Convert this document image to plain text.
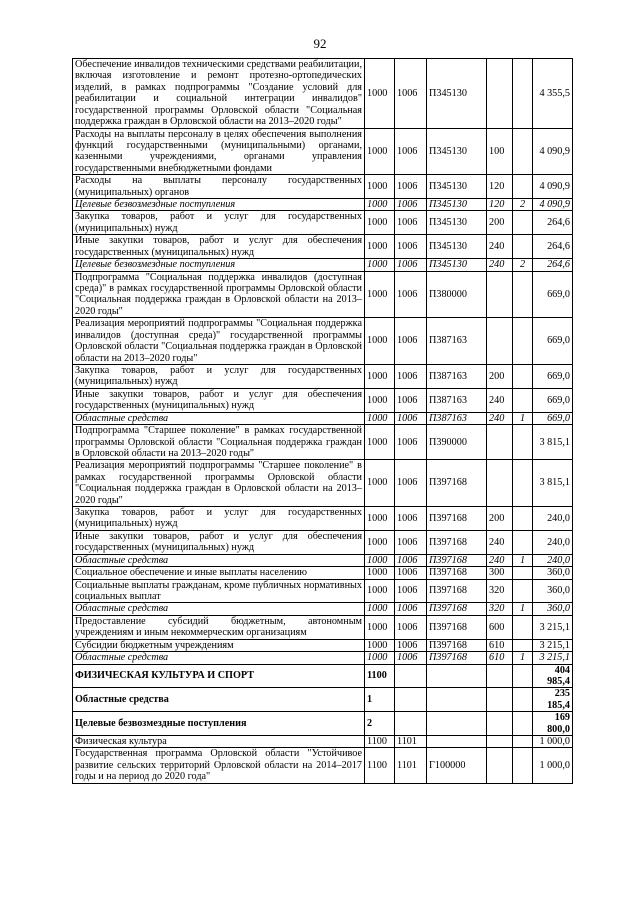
92
Обеспечение инвалидов техническими средствами реабилитации, включая изготовление и ремонт протезно-ортопедических изделий, в рамках подпрограммы "Создание условий для реабилитации и социальной интеграции инвалидов" государственной программы Орловской области "Социальная поддержка граждан в Орловской области на 2013–2020 годы"	1000	1006	П345130			4 355,5
Расходы на выплаты персоналу в целях обеспечения выполнения функций государственными (муниципальными) органами, казенными учреждениями, органами управления государственными внебюджетными фондами	1000	1006	П345130	100		4 090,9
Расходы на выплаты персоналу государственных (муниципальных) органов	1000	1006	П345130	120		4 090,9
Целевые безвозмездные поступления	1000	1006	П345130	120	2	4 090,9
Закупка товаров, работ и услуг для государственных (муниципальных) нужд	1000	1006	П345130	200		264,6
Иные закупки товаров, работ и услуг для обеспечения государственных (муниципальных) нужд	1000	1006	П345130	240		264,6
Целевые безвозмездные поступления	1000	1006	П345130	240	2	264,6
Подпрограмма "Социальная поддержка инвалидов (доступная среда)" в рамках государственной программы Орловской области "Социальная поддержка граждан в Орловской области на 2013–2020 годы"	1000	1006	П380000			669,0
Реализация мероприятий подпрограммы "Социальная поддержка инвалидов (доступная среда)" государственной программы Орловской области "Социальная поддержка граждан в Орловской области на 2013–2020 годы"	1000	1006	П387163			669,0
Закупка товаров, работ и услуг для государственных (муниципальных) нужд	1000	1006	П387163	200		669,0
Иные закупки товаров, работ и услуг для обеспечения государственных (муниципальных) нужд	1000	1006	П387163	240		669,0
Областные средства	1000	1006	П387163	240	1	669,0
Подпрограмма "Старшее поколение" в рамках государственной программы Орловской области "Социальная поддержка граждан в Орловской области на 2013–2020 годы"	1000	1006	П390000			3 815,1
Реализация мероприятий подпрограммы "Старшее поколение" в рамках государственной программы Орловской области "Социальная поддержка граждан в Орловской области на 2013–2020 годы"	1000	1006	П397168			3 815,1
Закупка товаров, работ и услуг для государственных (муниципальных) нужд	1000	1006	П397168	200		240,0
Иные закупки товаров, работ и услуг для обеспечения государственных (муниципальных) нужд	1000	1006	П397168	240		240,0
Областные средства	1000	1006	П397168	240	1	240,0
Социальное обеспечение и иные выплаты населению	1000	1006	П397168	300		360,0
Социальные выплаты гражданам, кроме публичных нормативных социальных выплат	1000	1006	П397168	320		360,0
Областные средства	1000	1006	П397168	320	1	360,0
Предоставление субсидий бюджетным, автономным учреждениям и иным некоммерческим организациям	1000	1006	П397168	600		3 215,1
Субсидии бюджетным учреждениям	1000	1006	П397168	610		3 215,1
Областные средства	1000	1006	П397168	610	1	3 215,1
ФИЗИЧЕСКАЯ КУЛЬТУРА И СПОРТ	1100					404 985,4
Областные средства	1					235 185,4
Целевые безвозмездные поступления	2					169 800,0
Физическая культура	1100	1101				1 000,0
Государственная программа Орловской области "Устойчивое развитие сельских территорий Орловской области на 2014–2017 годы и на период до 2020 года"	1100	1101	Г100000			1 000,0
